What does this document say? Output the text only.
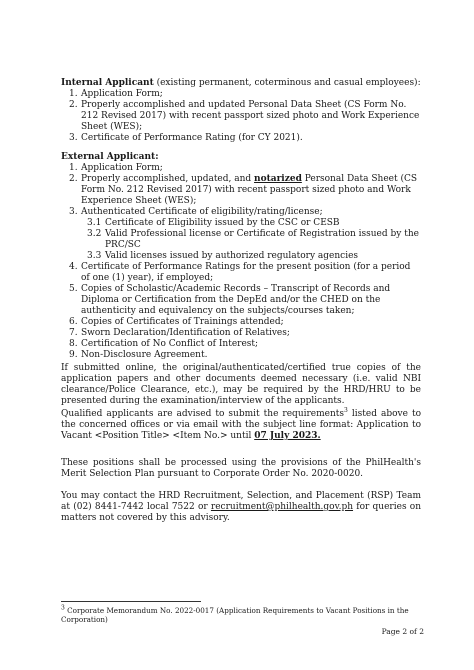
Internal Applicant (existing permanent, coterminous and casual employees):
1. Application Form;
2. Properly accomplished and updated Personal Data Sheet (CS Form No. 212 Revised 2017) with recent passport sized photo and Work Experience Sheet (WES);
3. Certificate of Performance Rating (for CY 2021).
External Applicant:
1. Application Form;
2. Properly accomplished, updated, and notarized Personal Data Sheet (CS Form No. 212 Revised 2017) with recent passport sized photo and Work Experience Sheet (WES);
3. Authenticated Certificate of eligibility/rating/license;
3.1 Certificate of Eligibility issued by the CSC or CESB
3.2 Valid Professional license or Certificate of Registration issued by the PRC/SC
3.3 Valid licenses issued by authorized regulatory agencies
4. Certificate of Performance Ratings for the present position (for a period of one (1) year), if employed;
5. Copies of Scholastic/Academic Records – Transcript of Records and Diploma or Certification from the DepEd and/or the CHED on the authenticity and equivalency on the subjects/courses taken;
6. Copies of Certificates of Trainings attended;
7. Sworn Declaration/Identification of Relatives;
8. Certification of No Conflict of Interest;
9. Non-Disclosure Agreement.
If submitted online, the original/authenticated/certified true copies of the application papers and other documents deemed necessary (i.e. valid NBI clearance/Police Clearance, etc.), may be required by the HRD/HRU to be presented during the examination/interview of the applicants.
Qualified applicants are advised to submit the requirements$^3$ listed above to the concerned offices or via email with the subject line format: Application to Vacant <Position Title> <Item No.> until 07 July 2023.
These positions shall be processed using the provisions of the PhilHealth's Merit Selection Plan pursuant to Corporate Order No. 2020-0020.
You may contact the HRD Recruitment, Selection, and Placement (RSP) Team at (02) 8441-7442 local 7522 or recruitment@philhealth.gov.ph for queries on matters not covered by this advisory.
$^3$ Corporate Memorandum No. 2022-0017 (Application Requirements to Vacant Positions in the Corporation)
Page 2 of 2
